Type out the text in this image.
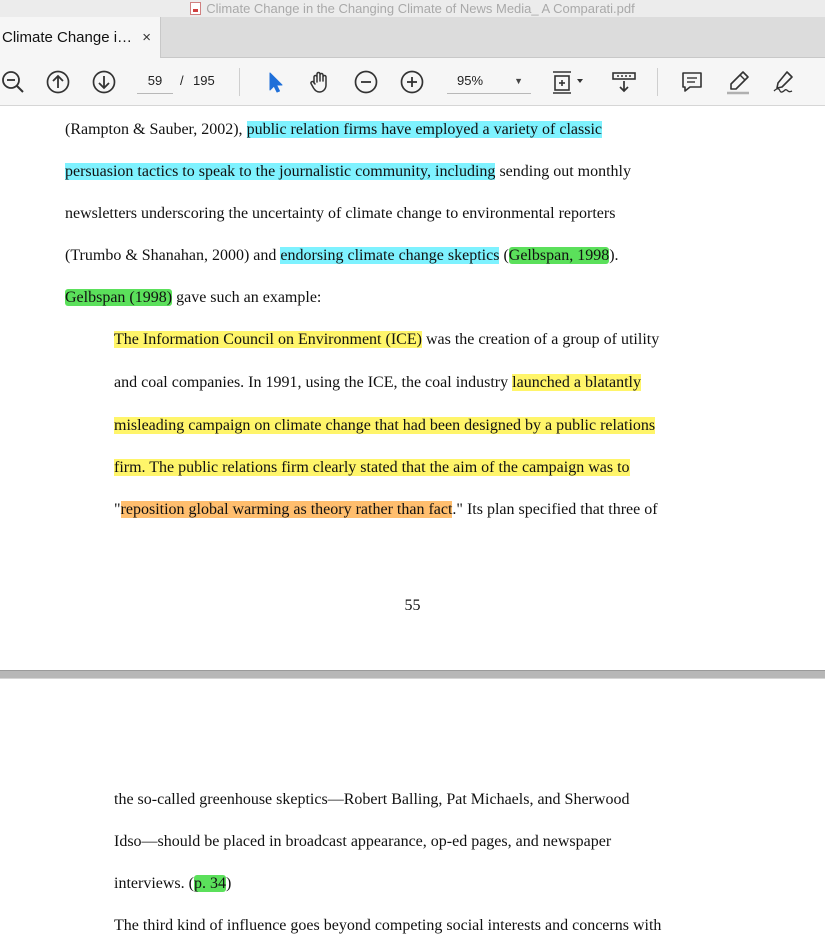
Climate Change in the Changing Climate of News Media_ A Comparati.pdf
Climate Change i… ×
59	/ 195	95%	▼
(Rampton & Sauber, 2002), public relation firms have employed a variety of classic
persuasion tactics to speak to the journalistic community, including sending out monthly
newsletters underscoring the uncertainty of climate change to environmental reporters
(Trumbo & Shanahan, 2000) and endorsing climate change skeptics (Gelbspan, 1998).
Gelbspan (1998) gave such an example:
The Information Council on Environment (ICE) was the creation of a group of utility
and coal companies. In 1991, using the ICE, the coal industry launched a blatantly
misleading campaign on climate change that had been designed by a public relations
firm. The public relations firm clearly stated that the aim of the campaign was to
"reposition global warming as theory rather than fact." Its plan specified that three of
55
the so-called greenhouse skeptics—Robert Balling, Pat Michaels, and Sherwood
Idso—should be placed in broadcast appearance, op-ed pages, and newspaper
interviews. (p. 34)
The third kind of influence goes beyond competing social interests and concerns with
